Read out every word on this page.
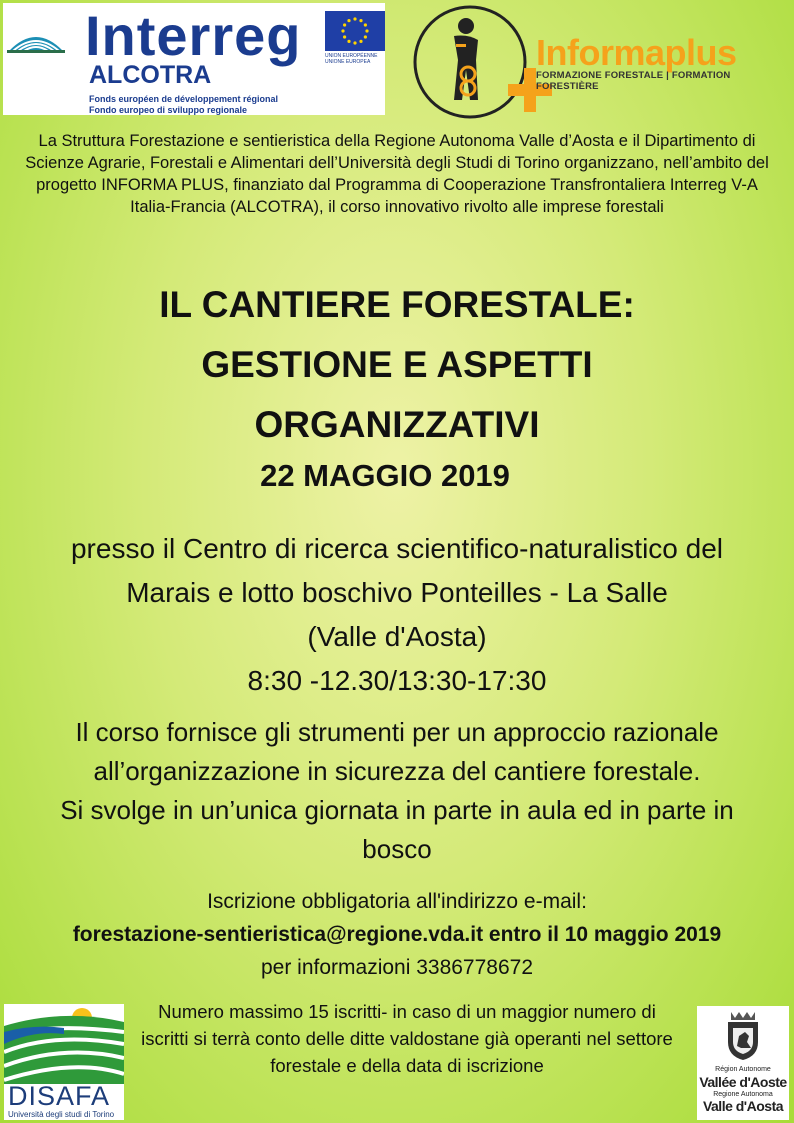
Interreg
ALCOTRA
Fonds européen de développement régional
Fondo europeo di sviluppo regionale
UNION EUROPÉENNE
UNIONE EUROPEA	Informaplus
FORMAZIONE FORESTALE | FORMATION FORESTIÈRE
La Struttura Forestazione e sentieristica della Regione Autonoma Valle d’Aosta e il Dipartimento di Scienze Agrarie, Forestali e Alimentari dell’Università degli Studi di Torino organizzano, nell’ambito del progetto INFORMA PLUS, finanziato dal Programma di Cooperazione Transfrontaliera Interreg V-A Italia-Francia (ALCOTRA), il corso innovativo rivolto alle imprese forestali
IL CANTIERE FORESTALE:
GESTIONE E ASPETTI
ORGANIZZATIVI
22 MAGGIO 2019
presso il Centro di ricerca scientifico-naturalistico del
Marais e lotto boschivo Ponteilles - La Salle
(Valle d'Aosta)
8:30 -12.30/13:30-17:30
Il corso fornisce gli strumenti per un approccio razionale
all’organizzazione in sicurezza del cantiere forestale.
Si svolge in un’unica giornata in parte in aula ed in parte in
bosco
Iscrizione obbligatoria all'indirizzo e-mail:
forestazione-sentieristica@regione.vda.it entro il 10 maggio 2019
per informazioni 3386778672
Numero massimo 15 iscritti- in caso di un maggior numero di iscritti si terrà conto delle ditte valdostane già operanti nel settore forestale e della data di iscrizione
DISAFA
Università degli studi di Torino
Région Autonome
Vallée d'Aoste
Regione Autonoma
Valle d'Aosta
